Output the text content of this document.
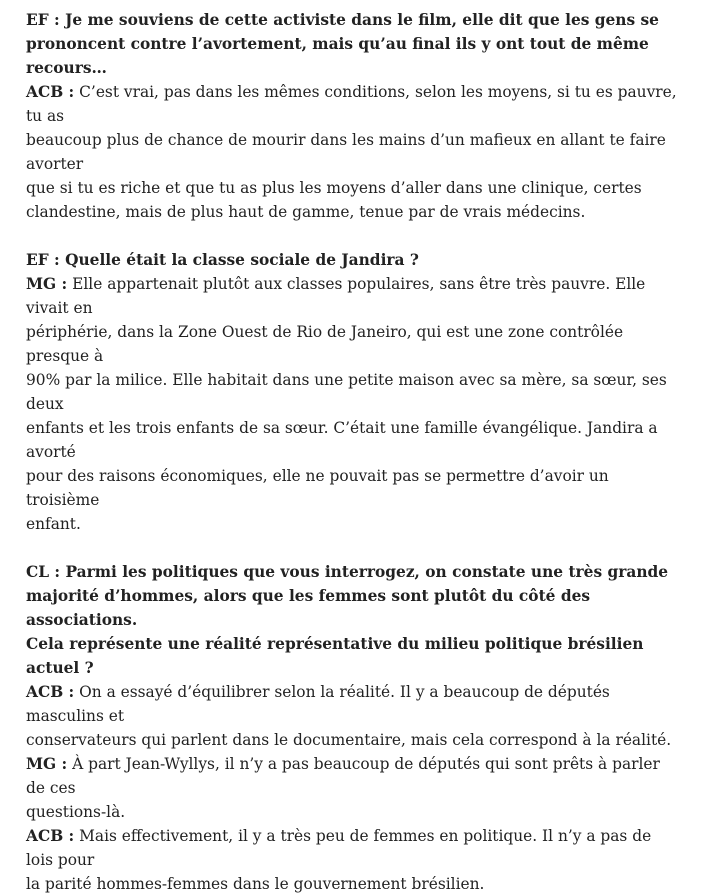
EF : Je me souviens de cette activiste dans le film, elle dit que les gens se

prononcent contre l’avortement, mais qu’au final ils y ont tout de même recours…

ACB : C’est vrai, pas dans les mêmes conditions, selon les moyens, si tu es pauvre, tu as

beaucoup plus de chance de mourir dans les mains d’un mafieux en allant te faire avorter

que si tu es riche et que tu as plus les moyens d’aller dans une clinique, certes

clandestine, mais de plus haut de gamme, tenue par de vrais médecins.

EF : Quelle était la classe sociale de Jandira ?

MG : Elle appartenait plutôt aux classes populaires, sans être très pauvre. Elle vivait en

périphérie, dans la Zone Ouest de Rio de Janeiro, qui est une zone contrôlée presque à

90% par la milice. Elle habitait dans une petite maison avec sa mère, sa sœur, ses deux

enfants et les trois enfants de sa sœur. C’était une famille évangélique. Jandira a avorté

pour des raisons économiques, elle ne pouvait pas se permettre d’avoir un troisième

enfant.

CL : Parmi les politiques que vous interrogez, on constate une très grande

majorité d’hommes, alors que les femmes sont plutôt du côté des associations.

Cela représente une réalité représentative du milieu politique brésilien actuel ?

ACB : On a essayé d’équilibrer selon la réalité. Il y a beaucoup de députés masculins et

conservateurs qui parlent dans le documentaire, mais cela correspond à la réalité.

MG : À part Jean-Wyllys, il n’y a pas beaucoup de députés qui sont prêts à parler de ces

questions-là.

ACB : Mais effectivement, il y a très peu de femmes en politique. Il n’y a pas de lois pour

la parité hommes-femmes dans le gouvernement brésilien.
